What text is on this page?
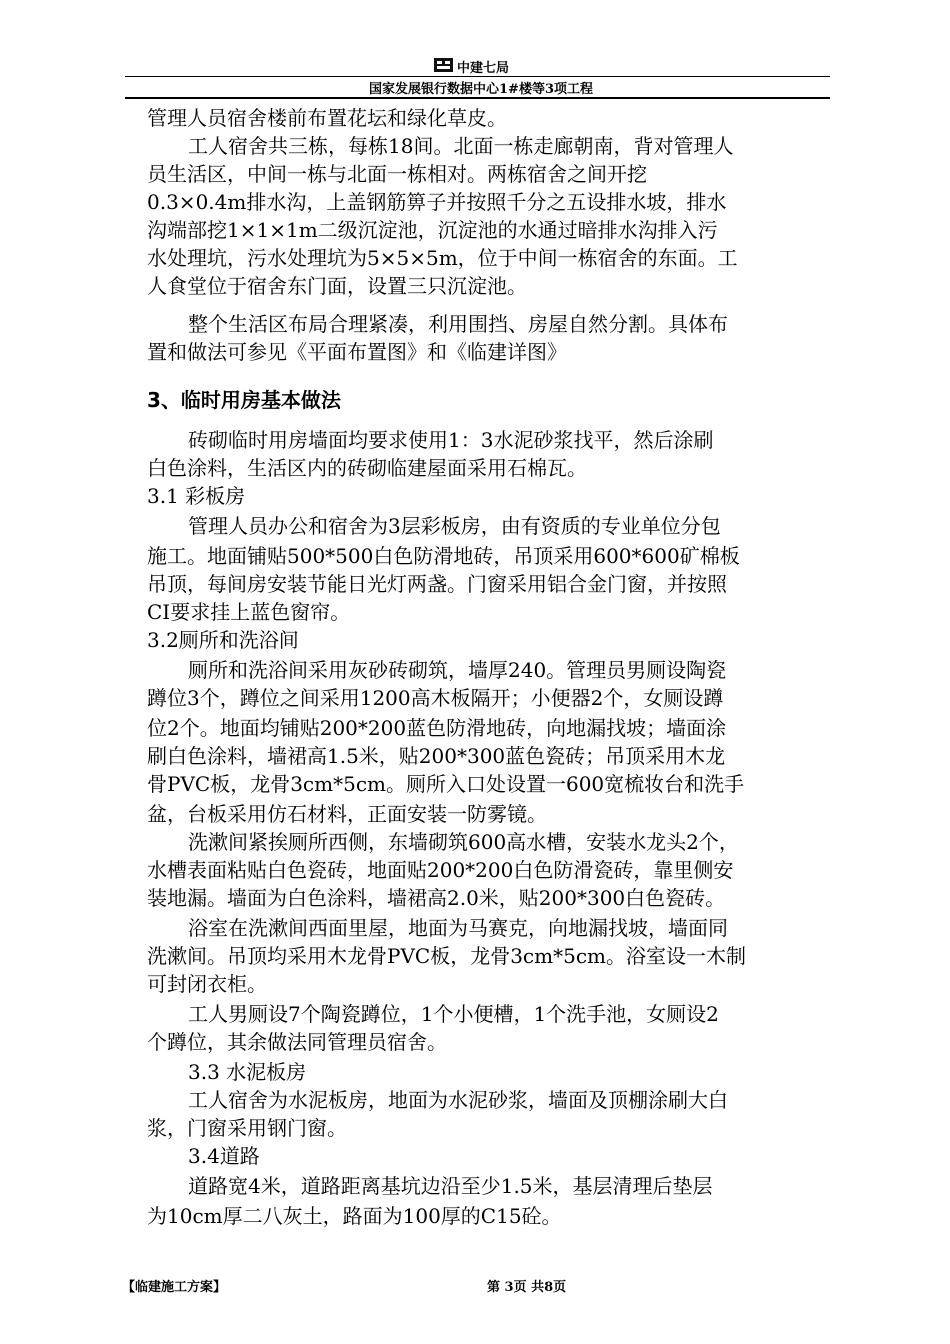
中建七局
国家发展银行数据中心1#楼等3项工程
管理人员宿舍楼前布置花坛和绿化草皮。
工人宿舍共三栋，每栋18间。北面一栋走廊朝南，背对管理人
员生活区，中间一栋与北面一栋相对。两栋宿舍之间开挖
0.3×0.4m排水沟，上盖钢筋箅子并按照千分之五设排水坡，排水
沟端部挖1×1×1m二级沉淀池，沉淀池的水通过暗排水沟排入污
水处理坑，污水处理坑为5×5×5m，位于中间一栋宿舍的东面。工
人食堂位于宿舍东门面，设置三只沉淀池。
整个生活区布局合理紧凑，利用围挡、房屋自然分割。具体布
置和做法可参见《平面布置图》和《临建详图》
3、临时用房基本做法
砖砌临时用房墙面均要求使用1：3水泥砂浆找平，然后涂刷
白色涂料，生活区内的砖砌临建屋面采用石棉瓦。
3.1 彩板房
管理人员办公和宿舍为3层彩板房，由有资质的专业单位分包
施工。地面铺贴500*500白色防滑地砖，吊顶采用600*600矿棉板
吊顶，每间房安装节能日光灯两盏。门窗采用铝合金门窗，并按照
CI要求挂上蓝色窗帘。
3.2厕所和洗浴间
厕所和洗浴间采用灰砂砖砌筑，墙厚240。管理员男厕设陶瓷
蹲位3个，蹲位之间采用1200高木板隔开；小便器2个，女厕设蹲
位2个。地面均铺贴200*200蓝色防滑地砖，向地漏找坡；墙面涂
刷白色涂料，墙裙高1.5米，贴200*300蓝色瓷砖；吊顶采用木龙
骨PVC板，龙骨3cm*5cm。厕所入口处设置一600宽梳妆台和洗手
盆，台板采用仿石材料，正面安装一防雾镜。
洗漱间紧挨厕所西侧，东墙砌筑600高水槽，安装水龙头2个，
水槽表面粘贴白色瓷砖，地面贴200*200白色防滑瓷砖，靠里侧安
装地漏。墙面为白色涂料，墙裙高2.0米，贴200*300白色瓷砖。
浴室在洗漱间西面里屋，地面为马赛克，向地漏找坡，墙面同
洗漱间。吊顶均采用木龙骨PVC板，龙骨3cm*5cm。浴室设一木制
可封闭衣柜。
工人男厕设7个陶瓷蹲位，1个小便槽，1个洗手池，女厕设2
个蹲位，其余做法同管理员宿舍。
3.3 水泥板房
工人宿舍为水泥板房，地面为水泥砂浆，墙面及顶棚涂刷大白
浆，门窗采用钢门窗。
3.4道路
道路宽4米，道路距离基坑边沿至少1.5米，基层清理后垫层
为10cm厚二八灰土，路面为100厚的C15砼。
【临建施工方案】	第 3页 共8页
